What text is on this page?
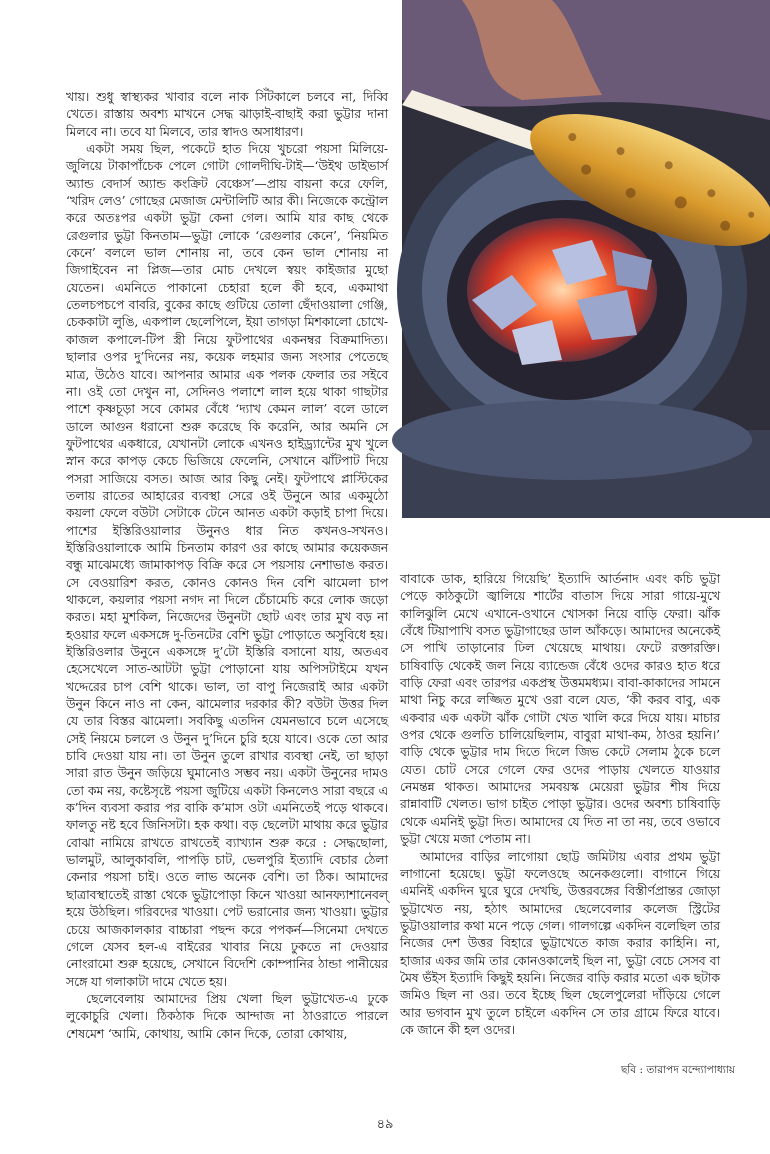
খায়। শুধু স্বাস্থ্যকর খাবার বলে নাক সিঁটকালে চলবে না, দিব্বি খেতে। রাস্তায় অবশ্য মাখনে সেদ্ধ ঝাড়াই-বাছাই করা ভুট্টার দানা মিলবে না। তবে যা মিলবে, তার স্বাদও অসাধারণ।

একটা সময় ছিল, পকেটে হাত দিয়ে খুচরো পয়সা মিলিয়ে-জুলিয়ে টাকাপাঁচেক পেলে গোটা গোলদীঘি-টাই—‘উইথ ডাইভার্স অ্যান্ড বেদার্স অ্যান্ড কংক্রিট বেঞ্চেস’—প্রায় বায়না করে ফেলি, ‘খরিদ লেও’ গোছের মেজাজ মেন্টালিটি আর কী। নিজেকে কন্ট্রোল করে অতঃপর একটা ভুট্টা কেনা গেল। আমি যার কাছ থেকে রেগুলার ভুট্টা কিনতাম—ভুট্টা লোকে ‘রেগুলার কেনে’, ‘নিয়মিত কেনে’ বললে ভাল শোনায় না, তবে কেন ভাল শোনায় না জিগাইবেন না প্লিজ—তার মোচ দেখলে স্বয়ং কাইজার মুছো যেতেন। এমনিতে পাকানো চেহারা হলে কী হবে, একমাথা তেলচপচপে বাবরি, বুকের কাছে গুটিয়ে তোলা ছেঁদাওয়ালা গেঞ্জি, চেককাটা লুঙি, একপাল ছেলেপিলে, ইয়া তাগড়া মিশকালো চোখে-কাজল কপালে-টিপ স্ত্রী নিয়ে ফুটপাথের একনম্বর বিক্রমাদিত্য। ছালার ওপর দু’দিনের নয়, কয়েক লহমার জন্য সংসার পেতেছে মাত্র, উঠেও যাবে। আপনার আমার এক পলক ফেলার তর সইবে না। ওই তো দেখুন না, সেদিনও পলাশে লাল হয়ে থাকা গাছটার পাশে কৃষ্ণচূড়া সবে কোমর বেঁধে ‘দ্যাখ কেমন লাল’ বলে ডালে ডালে আগুন ধরানো শুরু করেছে কি করেনি, আর অমনি সে ফুটপাথের একধারে, যেখানটা লোকে এখনও হাইড্র্যান্টের মুখ খুলে স্নান করে কাপড় কেচে ভিজিয়ে ফেলেনি, সেখানে ঝাঁটপাট দিয়ে পসরা সাজিয়ে বসত। আজ আর কিছু নেই। ফুটপাথে প্লাস্টিকের তলায় রাতের আহারের ব্যবস্থা সেরে ওই উনুনে আর একমুঠো কয়লা ফেলে বউটা সেটাকে টেনে আনত একটা কড়াই চাপা দিয়ে। পাশের ইস্তিরিওয়ালার উনুনও ধার নিত কখনও-সখনও। ইস্তিরিওয়ালাকে আমি চিনতাম কারণ ওর কাছে আমার কয়েকজন বন্ধু মাঝেমধ্যে জামাকাপড় বিক্রি করে সে পয়সায় নেশাভাঙ করত। সে বেওয়ারিশ করত, কোনও কোনও দিন বেশি ঝামেলা চাপ থাকলে, কয়লার পয়সা নগদ না দিলে চেঁচামেচি করে লোক জড়ো করত। মহা মুশকিল, নিজেদের উনুনটা ছোট এবং তার মুখ বড় না হওয়ার ফলে একসঙ্গে দু-তিনটের বেশি ভুট্টা পোড়াতে অসুবিধে হয়। ইস্তিরিওলার উনুনে একসঙ্গে দু’টো ইস্তিরি বসানো যায়, অতএব হেসেখেলে সাত-আটটা ভুট্টা পোড়ানো যায় অপিসটাইমে যখন খদ্দেরের চাপ বেশি থাকে। ভাল, তা বাপু নিজেরাই আর একটা উনুন কিনে নাও না কেন, ঝামেলার দরকার কী? বউটা উত্তর দিল যে তার বিস্তর ঝামেলা। সবকিছু এতদিন যেমনভাবে চলে এসেছে সেই নিয়মে চললে ও উনুন দু’দিনে চুরি হয়ে যাবে। ওকে তো আর চাবি দেওয়া যায় না। তা উনুন তুলে রাখার ব্যবস্থা নেই, তা ছাড়া সারা রাত উনুন জড়িয়ে ঘুমানোও সম্ভব নয়। একটা উনুনের দামও তো কম নয়, কষ্টেসৃষ্টে পয়সা জুটিয়ে একটা কিনলেও সারা বছরে এ ক’দিন ব্যবসা করার পর বাকি ক’মাস ওটা এমনিতেই পড়ে থাকবে। ফালতু নষ্ট হবে জিনিসটা। হক কথা। বড় ছেলেটা মাথায় করে ভুট্টার বোঝা নামিয়ে রাখতে রাখতেই ব্যাখ্যান শুরু করে : সেদ্ধছোলা, ভালমুট, আলুকাবলি, পাপড়ি চাট, ভেলপুরি ইত্যাদি বেচার ঠেলা কেনার পয়সা চাই। ওতে লাভ অনেক বেশি। তা ঠিক। আমাদের ছাত্রাবস্থাতেই রাস্তা থেকে ভুট্টাপোড়া কিনে খাওয়া আনফ্যাশানেবল্ হয়ে উঠছিল। গরিবদের খাওয়া। পেট ভরানোর জন্য খাওয়া। ভুট্টার চেয়ে আজকালকার বাচ্চারা পছন্দ করে পপকর্ন—সিনেমা দেখতে গেলে যেসব হল-এ বাইরের খাবার নিয়ে ঢুকতে না দেওয়ার নোংরামো শুরু হয়েছে, সেখানে বিদেশি কোম্পানির ঠান্ডা পানীয়ের সঙ্গে যা গলাকাটা দামে খেতে হয়।

ছেলেবেলায় আমাদের প্রিয় খেলা ছিল ভুট্টাখেত-এ ঢুকে লুকোচুরি খেলা। ঠিকঠাক দিকে আন্দাজ না ঠাওরাতে পারলে শেষমেশ ‘আমি, কোথায়, আমি কোন দিকে, তোরা কোথায়,

বাবাকে ডাক, হারিয়ে গিয়েছি’ ইত্যাদি আর্তনাদ এবং কচি ভুট্টা পেড়ে কাঠকুটো জ্বালিয়ে শার্টের বাতাস দিয়ে সারা গায়ে-মুখে কালিঝুলি মেখে এখানে-ওখানে খোসকা নিয়ে বাড়ি ফেরা। ঝাঁক বেঁধে টিয়াপাখি বসত ভুট্টাগাছের ডাল আঁকড়ে। আমাদের অনেকেই সে পাখি তাড়ানোর ঢিল খেয়েছে মাথায়। ফেটে রক্তারক্তি। চাষিবাড়ি থেকেই জল নিয়ে ব্যান্ডেজ বেঁধে ওদের কারও হাত ধরে বাড়ি ফেরা এবং তারপর একপ্রস্থ উত্তমমধ্যম। বাবা-কাকাদের সামনে মাথা নিচু করে লজ্জিত মুখে ওরা বলে যেত, ‘কী করব বাবু, এক একবার এক একটা ঝাঁক গোটা খেত খালি করে দিয়ে যায়। মাচার ওপর থেকে গুলতি চালিয়েছিলাম, বাবুরা মাথা-কম, ঠাওর হয়নি।’ বাড়ি থেকে ভুট্টার দাম দিতে দিলে জিভ কেটে সেলাম ঠুকে চলে যেত। চোট সেরে গেলে ফের ওদের পাড়ায় খেলতে যাওয়ার নেমন্তন্ন থাকত। আমাদের সমবয়স্ক মেয়েরা ভুট্টার শীষ দিয়ে রান্নাবাটি খেলত। ভাগ চাইত পোড়া ভুট্টার। ওদের অবশ্য চাষিবাড়ি থেকে এমনিই ভুট্টা দিত। আমাদের যে দিত না তা নয়, তবে ওভাবে ভুট্টা খেয়ে মজা পেতাম না।

আমাদের বাড়ির লাগোয়া ছোট্ট জমিটায় এবার প্রথম ভুট্টা লাগানো হয়েছে। ভুট্টা ফলেওছে অনেকগুলো। বাগানে গিয়ে এমনিই একদিন ঘুরে ঘুরে দেখছি, উত্তরবঙ্গের বিস্তীর্ণপ্রান্তর জোড়া ভুট্টাখেত নয়, হঠাৎ আমাদের ছেলেবেলার কলেজ স্ট্রিটের ভুট্টাওয়ালার কথা মনে পড়ে গেল। গালগল্পে একদিন বলেছিল তার নিজের দেশ উত্তর বিহারে ভুট্টাখেতে কাজ করার কাহিনি। না, হাজার একর জমি তার কোনওকালেই ছিল না, ভুট্টা বেচে সেসব বা মৈষ ভঁইস ইত্যাদি কিছুই হয়নি। নিজের বাড়ি করার মতো এক ছটাক জমিও ছিল না ওর। তবে ইচ্ছে ছিল ছেলেপুলেরা দাঁড়িয়ে গেলে আর ভগবান মুখ তুলে চাইলে একদিন সে তার গ্রামে ফিরে যাবে। কে জানে কী হল ওদের।

ছবি : তারাপদ বন্দ্যোপাধ্যায়
৪৯
